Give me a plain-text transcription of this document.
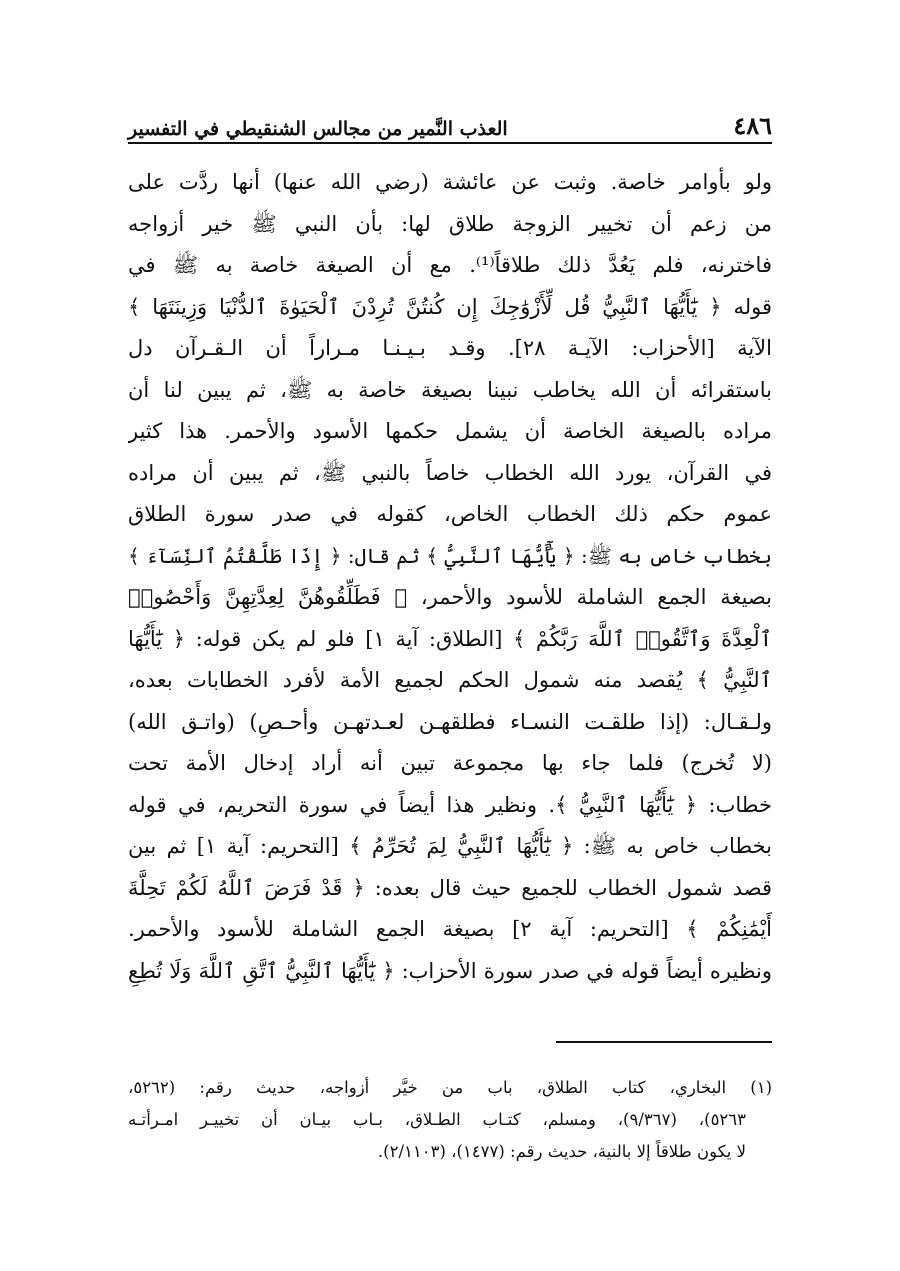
٤٨٦
العذب النَّمير من مجالس الشنقيطي في التفسير
ولو بأوامر خاصة. وثبت عن عائشة (رضي الله عنها) أنها ردَّت على
من زعم أن تخيير الزوجة طلاق لها: بأن النبي ﷺ خير أزواجه
فاخترنه، فلم يَعُدَّ ذلك طلاقاً⁽¹⁾. مع أن الصيغة خاصة به ﷺ في
قوله ﴿ يَٰٓأَيُّهَا ٱلنَّبِيُّ قُل لِّأَزْوَٰجِكَ إِن كُنتُنَّ تُرِدْنَ ٱلْحَيَوٰةَ ٱلدُّنْيَا وَزِينَتَهَا ﴾
الآية [الأحزاب: الآيـة ٢٨]. وقـد بـيـنـا مـراراً أن الـقـرآن دل
باستقرائه أن الله يخاطب نبينا بصيغة خاصة به ﷺ، ثم يبين لنا أن
مراده بالصيغة الخاصة أن يشمل حكمها الأسود والأحمر. هذا كثير
في القرآن، يورد الله الخطاب خاصاً بالنبي ﷺ، ثم يبين أن مراده
عموم حكم ذلك الخطاب الخاص، كقوله في صدر سورة الطلاق
بخطاب خاص به ﷺ: ﴿ يَٰٓأَيُّهَا ٱلنَّبِيُّ ﴾ ثم قال: ﴿ إِذَا طَلَّقْتُمُ ٱلنِّسَآءَ ﴾
بصيغة الجمع الشاملة للأسود والأحمر، ﴿ فَطَلِّقُوهُنَّ لِعِدَّتِهِنَّ وَأَحْصُوا۟
ٱلْعِدَّةَ وَٱتَّقُوا۟ ٱللَّهَ رَبَّكُمْ ﴾ [الطلاق: آية ١] فلو لم يكن قوله: ﴿ يَٰٓأَيُّهَا
ٱلنَّبِيُّ ﴾ يُقصد منه شمول الحكم لجميع الأمة لأفرد الخطابات بعده،
ولـقـال: (إذا طلقـت النسـاء فطلقهـن لعـدتهـن وأحـصِ) (واتـق الله)
(لا تُخرج) فلما جاء بها مجموعة تبين أنه أراد إدخال الأمة تحت
خطاب: ﴿ يَٰٓأَيُّهَا ٱلنَّبِيُّ ﴾. ونظير هذا أيضاً في سورة التحريم، في قوله
بخطاب خاص به ﷺ: ﴿ يَٰٓأَيُّهَا ٱلنَّبِيُّ لِمَ تُحَرِّمُ ﴾ [التحريم: آية ١] ثم بين
قصد شمول الخطاب للجميع حيث قال بعده: ﴿ قَدْ فَرَضَ ٱللَّهُ لَكُمْ تَحِلَّةَ
أَيْمَٰنِكُمْ ﴾ [التحريم: آية ٢] بصيغة الجمع الشاملة للأسود والأحمر.
ونظيره أيضاً قوله في صدر سورة الأحزاب: ﴿ يَٰٓأَيُّهَا ٱلنَّبِيُّ ٱتَّقِ ٱللَّهَ وَلَا تُطِعِ
(١) البخاري، كتاب الطلاق، باب من خيَّر أزواجه، حديث رقم: (٥٢٦٢،
٥٢٦٣)، (٩/٣٦٧)، ومسلم، كتـاب الطـلاق، بـاب بيـان أن تخييـر امـرأتـه
لا يكون طلاقاً إلا بالنية، حديث رقم: (١٤٧٧)، (٢/١١٠٣).
